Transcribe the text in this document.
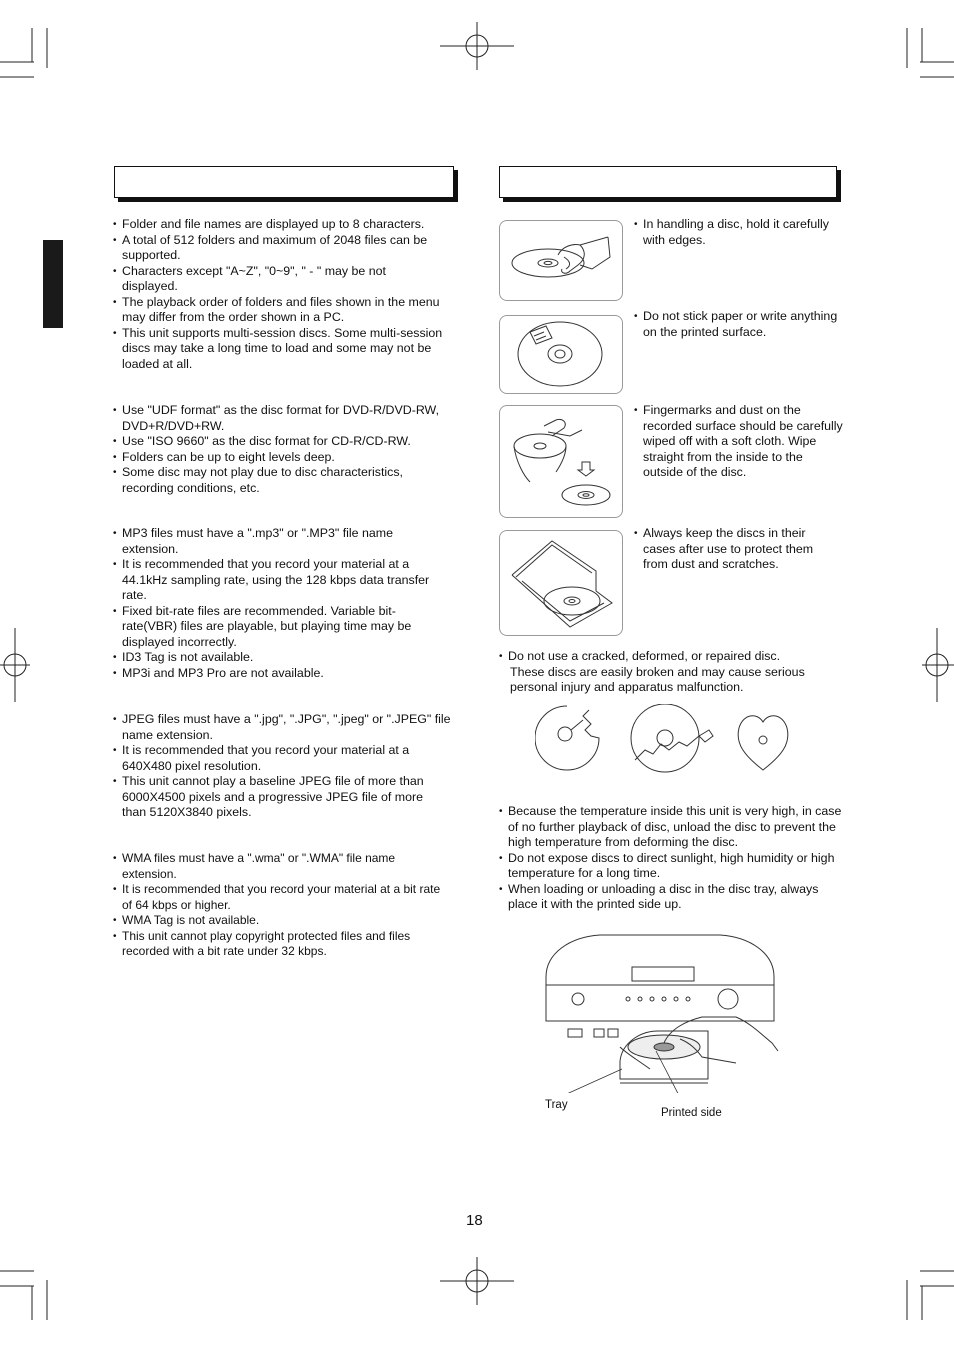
• Folder and file names are displayed up to 8 characters.
• A total of 512 folders and maximum of 2048 files can be supported.
• Characters except "A~Z", "0~9", " - " may be not displayed.
• The playback order of folders and files shown in the menu may differ from the order shown in a PC.
• This unit supports multi-session discs. Some multi-session discs may take a long time to load and some may not be loaded at all.
• Use "UDF format" as the disc format for DVD-R/DVD-RW, DVD+R/DVD+RW.
• Use "ISO 9660" as the disc format for CD-R/CD-RW.
• Folders can be up to eight levels deep.
• Some disc may not play due to disc characteristics, recording conditions, etc.
• MP3 files must have a ".mp3" or ".MP3" file name extension.
• It is recommended that you record your material at a 44.1kHz sampling rate, using the 128 kbps data transfer rate.
• Fixed bit-rate files are recommended. Variable bit-rate(VBR) files are playable, but playing time may be displayed incorrectly.
• ID3 Tag is not available.
• MP3i and MP3 Pro are not available.
• JPEG files must have a ".jpg", ".JPG", ".jpeg" or ".JPEG" file name extension.
• It is recommended that you record your material at a 640X480 pixel resolution.
• This unit cannot play a baseline JPEG file of more than 6000X4500 pixels and a progressive JPEG file of more than 5120X3840 pixels.
• WMA files must have a ".wma" or ".WMA" file name extension.
• It is recommended that you record your material at a bit rate of 64 kbps or higher.
• WMA Tag is not available.
• This unit cannot play copyright protected files and files recorded with a bit rate under 32 kbps.
• In handling a disc, hold it carefully with edges.
• Do not stick paper or write anything on the printed surface.
• Fingermarks and dust on the recorded surface should be carefully wiped off with a soft cloth. Wipe straight from the inside to the outside of the disc.
• Always keep the discs in their cases after use to protect them from dust and scratches.
• Do not use a cracked, deformed, or repaired disc.
These discs are easily broken and may cause serious personal injury and apparatus malfunction.
• Because the temperature inside this unit is very high, in case of no further playback of disc, unload the disc to prevent the high temperature from deforming the disc.
• Do not expose discs to direct sunlight, high humidity or high temperature for a long time.
• When loading or unloading a disc in the disc tray, always place it with the printed side up.
Tray
Printed side
18
